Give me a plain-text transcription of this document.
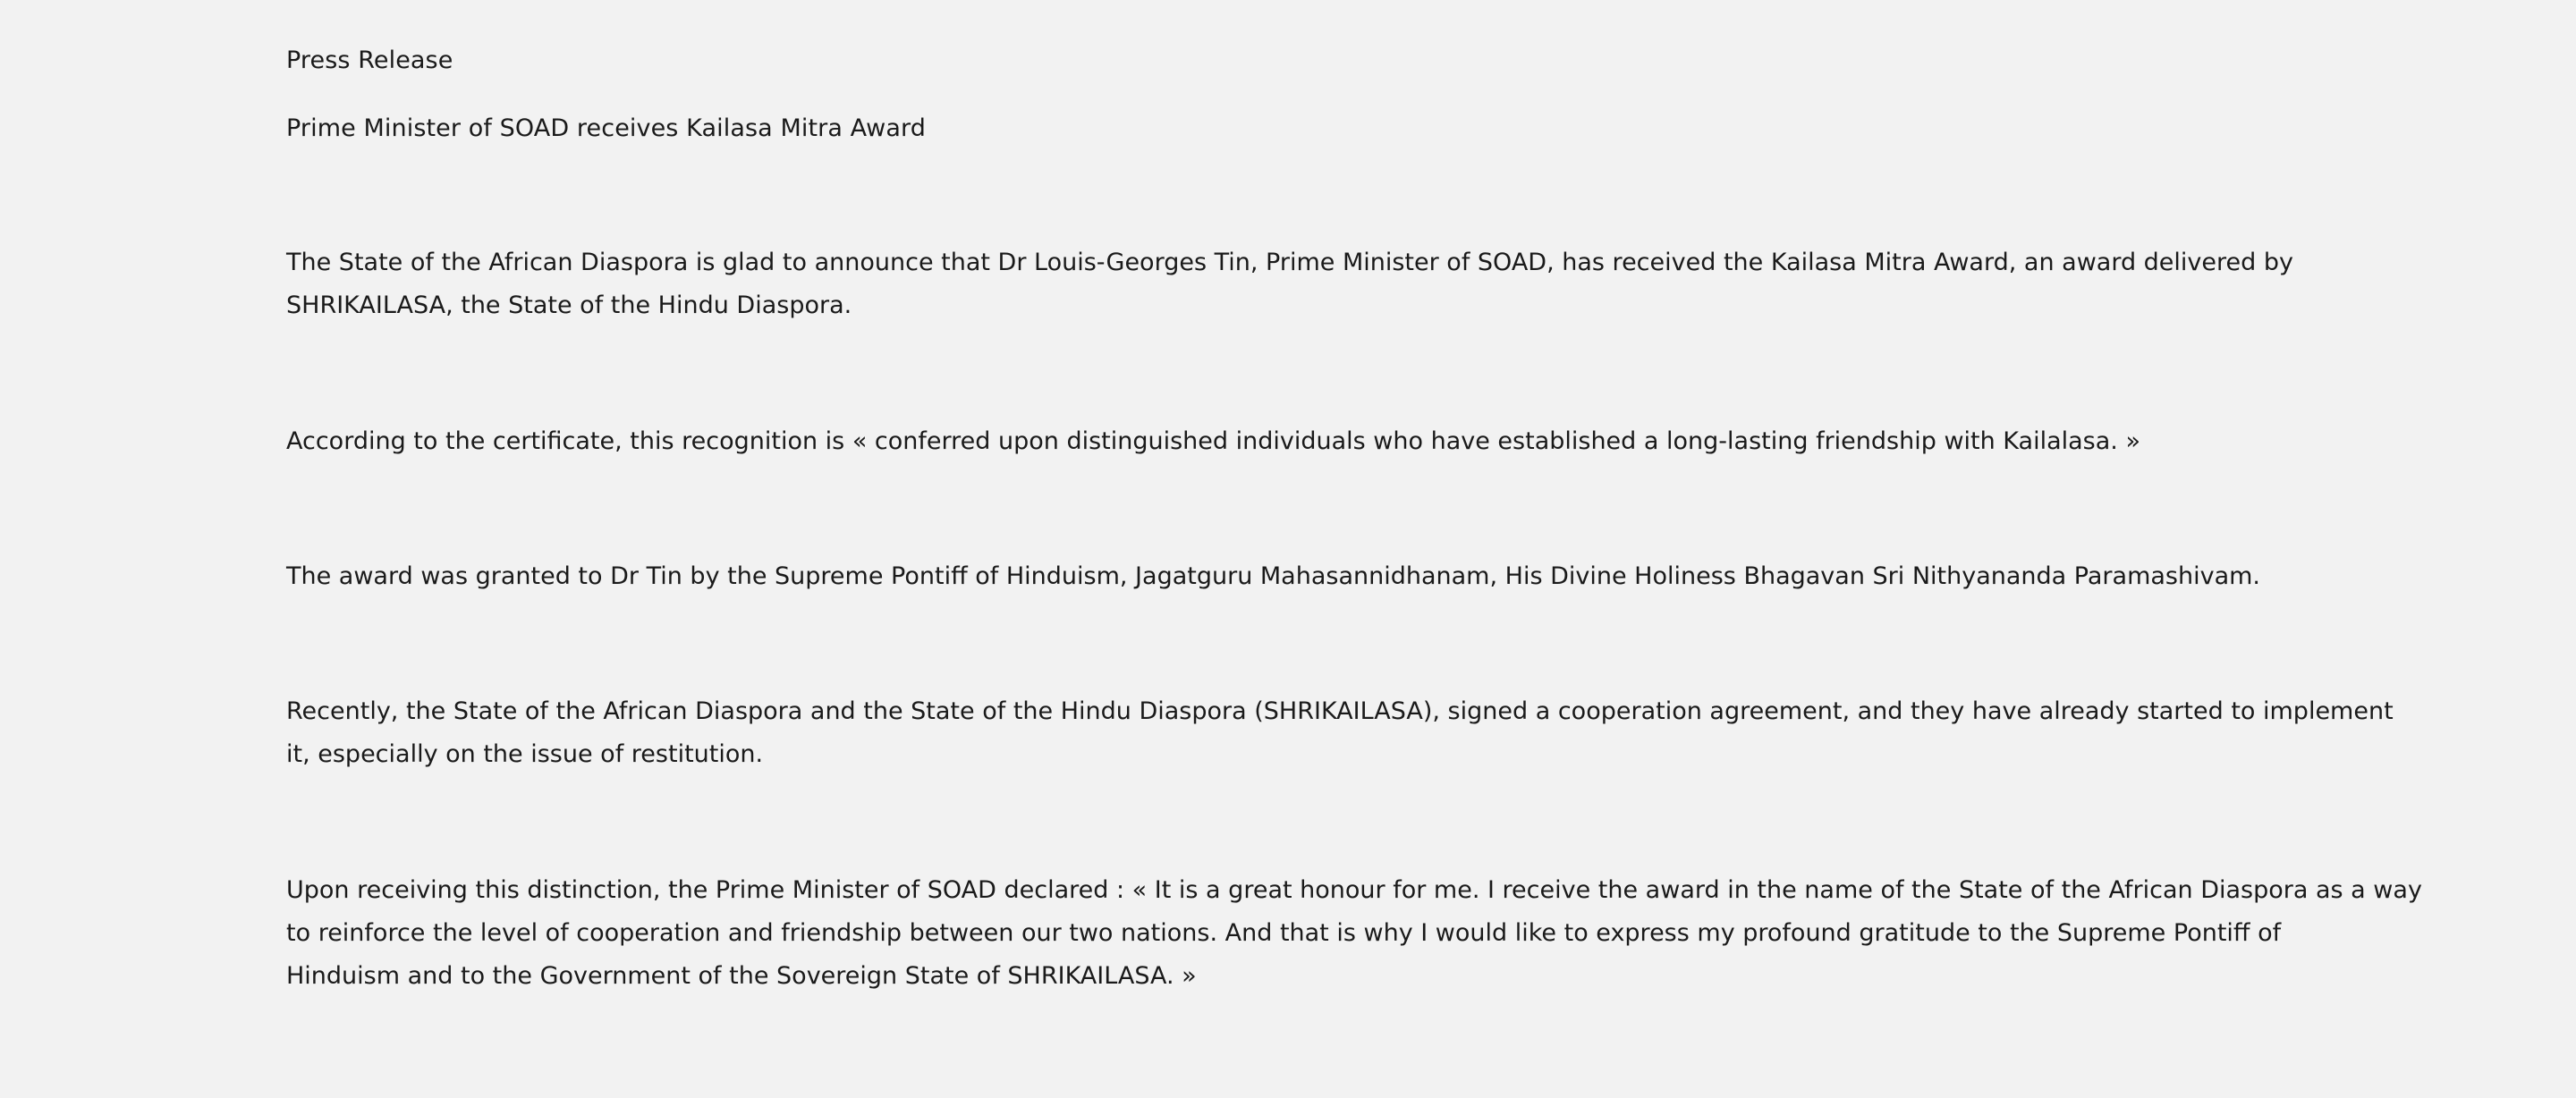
Press Release

Prime Minister of SOAD receives Kailasa Mitra Award

The State of the African Diaspora is glad to announce that Dr Louis-Georges Tin, Prime Minister of SOAD, has received the Kailasa Mitra Award, an award delivered by
SHRIKAILASA, the State of the Hindu Diaspora.
According to the certificate, this recognition is « conferred upon distinguished individuals who have established a long-lasting friendship with Kailalasa. »
The award was granted to Dr Tin by the Supreme Pontiff of Hinduism, Jagatguru Mahasannidhanam, His Divine Holiness Bhagavan Sri Nithyananda Paramashivam.
Recently, the State of the African Diaspora and the State of the Hindu Diaspora (SHRIKAILASA), signed a cooperation agreement, and they have already started to implement
it, especially on the issue of restitution.
Upon receiving this distinction, the Prime Minister of SOAD declared : « It is a great honour for me. I receive the award in the name of the State of the African Diaspora as a way
to reinforce the level of cooperation and friendship between our two nations. And that is why I would like to express my profound gratitude to the Supreme Pontiff of
Hinduism and to the Government of the Sovereign State of SHRIKAILASA. »
